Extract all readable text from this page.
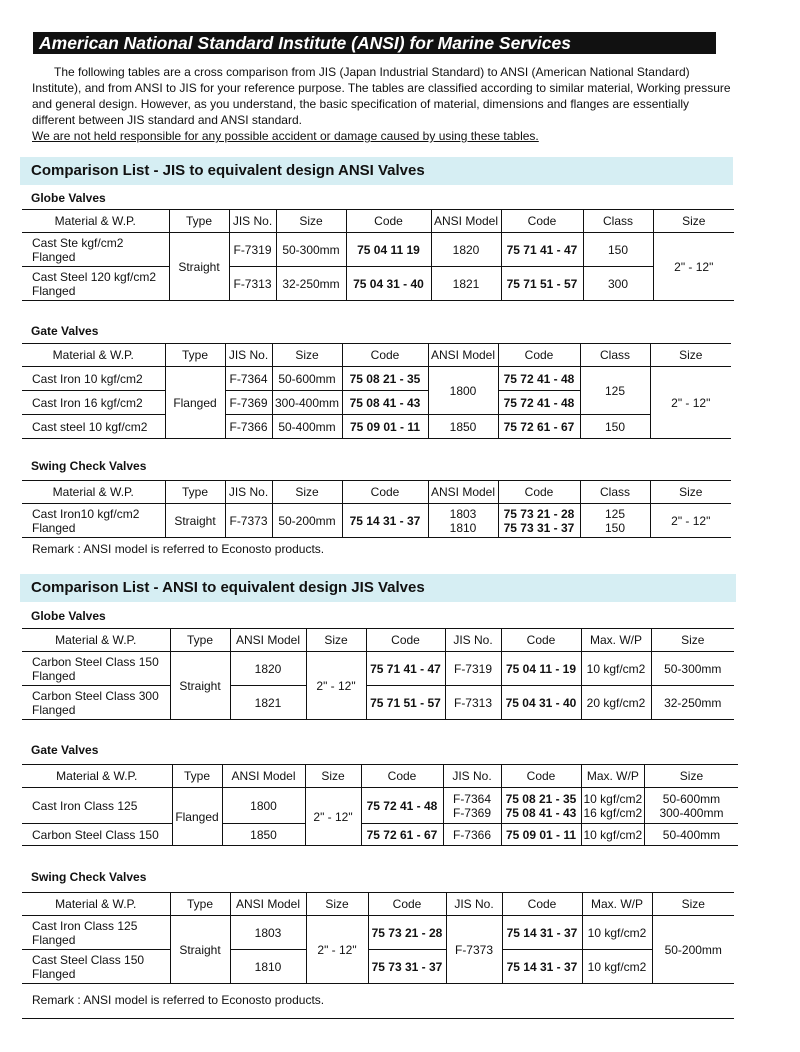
American National Standard Institute (ANSI) for Marine Services

The following tables are a cross comparison from JIS (Japan Industrial Standard) to ANSI (American National Standard) Institute), and from ANSI to JIS for your reference purpose. The tables are classified according to similar material, Working pressure and general design. However, as you understand, the basic specification of material, dimensions and flanges are essentially different between JIS standard and ANSI standard.

We are not held responsible for any possible accident or damage caused by using these tables.

Comparison List - JIS to equivalent design ANSI Valves
Globe Valves
Material & W.P.	Type	JIS No.	Size	Code	ANSI Model	Code	Class	Size

Cast Ste kgf/cm2
Flanged	Straight	F-7319	50-300mm	75 04 11 19	1820	75 71 41 - 47	150	2" - 12"

Cast Steel 120 kgf/cm2
Flanged		F-7313	32-250mm	75 04 31 - 40	1821	75 71 51 - 57	300	
Gate Valves
Material & W.P.	Type	JIS No.	Size	Code	ANSI Model	Code	Class	Size
Cast Iron 10 kgf/cm2	Flanged	F-7364	50-600mm	75 08 21 - 35	1800	75 72 41 - 48	125	2" - 12"
Cast Iron 16 kgf/cm2		F-7369	300-400mm	75 08 41 - 43		75 72 41 - 48		
Cast steel 10 kgf/cm2		F-7366	50-400mm	75 09 01 - 11	1850	75 72 61 - 67	150	
Swing Check Valves
Material & W.P.	Type	JIS No.	Size	Code	ANSI Model	Code	Class	Size

Cast Iron10 kgf/cm2
Flanged	Straight	F-7373	50-200mm	75 14 31 - 37	1803
1810	75 73 21 - 28
75 73 31 - 37	125
150	2" - 12"
Remark : ANSI model is referred to Econosto products.
Comparison List - ANSI to equivalent design JIS Valves
Globe Valves
Material & W.P.	Type	ANSI Model	Size	Code	JIS No.	Code	Max. W/P	Size

Carbon Steel Class 150
Flanged	Straight	1820	2" - 12"	75 71 41 - 47	F-7319	75 04 11 - 19	10 kgf/cm2	50-300mm

Carbon Steel Class 300
Flanged		1821		75 71 51 - 57	F-7313	75 04 31 - 40	20 kgf/cm2	32-250mm
Gate Valves
Material & W.P.	Type	ANSI Model	Size	Code	JIS No.	Code	Max. W/P	Size
Cast Iron Class 125	Flanged	1800	2" - 12"	75 72 41 - 48	F-7364
F-7369	75 08 21 - 35
75 08 41 - 43	10 kgf/cm2
16 kgf/cm2	50-600mm
300-400mm

Carbon Steel Class 150		1850		75 72 61 - 67	F-7366	75 09 01 - 11	10 kgf/cm2	50-400mm
Swing Check Valves
Material & W.P.	Type	ANSI Model	Size	Code	JIS No.	Code	Max. W/P	Size

Cast Iron Class 125
Flanged	Straight	1803	2" - 12"	75 73 21 - 28	F-7373	75 14 31 - 37	10 kgf/cm2	50-200mm

Cast Steel Class 150
Flanged		1810		75 73 31 - 37		75 14 31 - 37	10 kgf/cm2	
Remark : ANSI model is referred to Econosto products.
